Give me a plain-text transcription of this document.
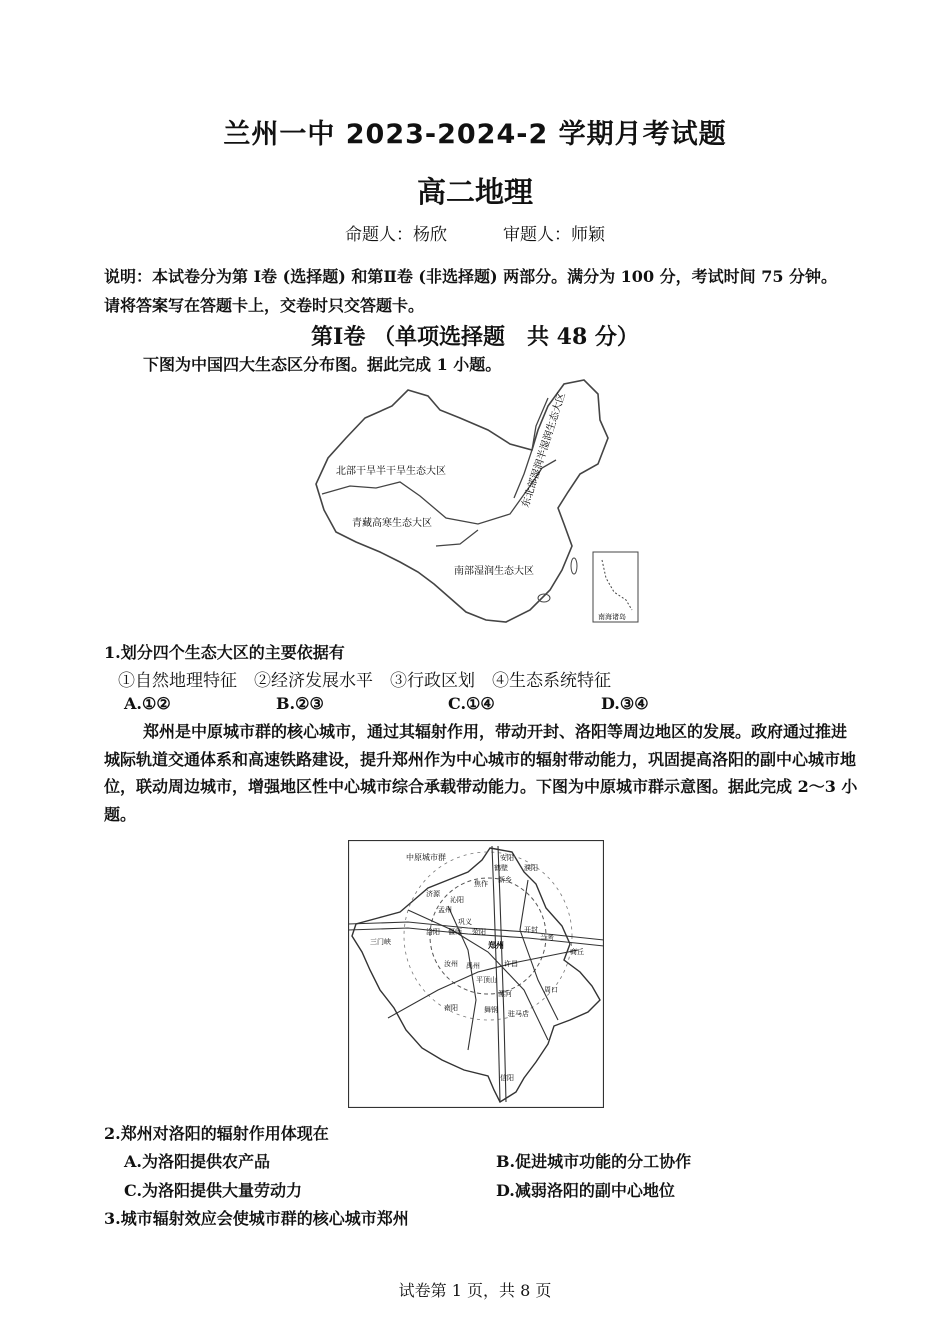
兰州一中 2023-2024-2 学期月考试题
高二地理
命题人：杨欣	审题人：师颖
说明：本试卷分为第 Ⅰ卷 (选择题) 和第Ⅱ卷 (非选择题) 两部分。满分为 100 分，考试时间 75 分钟。请将答案写在答题卡上，交卷时只交答题卡。
第Ⅰ卷 （单项选择题　共 48 分）
下图为中国四大生态区分布图。据此完成 1 小题。
北部干旱半干旱生态大区
青藏高寒生态大区
南部湿润生态大区
东北部湿润半湿润生态大区
南海诸岛
1.划分四个生态大区的主要依据有
①自然地理特征　②经济发展水平　③行政区划　④生态系统特征
A.①②	B.②③	C.①④	D.③④
郑州是中原城市群的核心城市，通过其辐射作用，带动开封、洛阳等周边地区的发展。政府通过推进城际轨道交通体系和高速铁路建设，提升郑州作为中心城市的辐射带动能力，巩固提高洛阳的副中心城市地位，联动周边城市，增强地区性中心城市综合承载带动能力。下图为中原城市群示意图。据此完成 2～3 小题。
中原城市群	安阳
濮阳
鹤壁
新乡
焦作
济源
沁阳
孟州
洛阳 偃师
巩义
荥阳
郑州
开封
兰考
汝州 禹州	许昌
平顶山
漯河	周口
商丘
三门峡
南阳
驻马店
舞钢
信阳
2.郑州对洛阳的辐射作用体现在
A.为洛阳提供农产品	B.促进城市功能的分工协作
C.为洛阳提供大量劳动力	D.减弱洛阳的副中心地位
3.城市辐射效应会使城市群的核心城市郑州
试卷第 1 页，共 8 页
